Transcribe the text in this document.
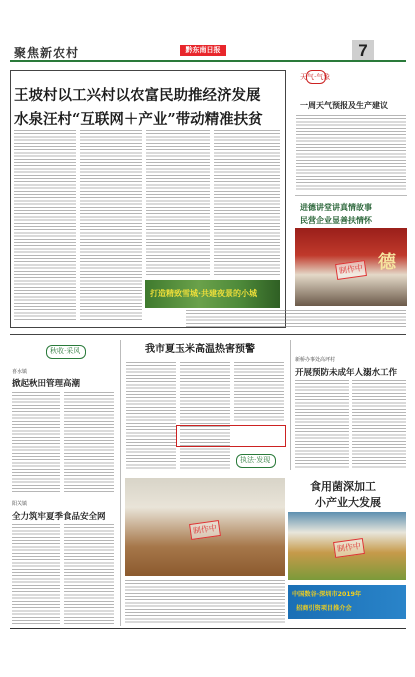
聚焦新农村	黔东南日报	7
王坡村以工兴村以农富民助推经济发展
水泉汪村“互联网＋产业”带动精准扶贫
打造精致雪城·共建夜景的小城
天气·气象
一周天气预报及生产建议
进德讲堂讲真情故事
民营企业显善扶情怀
德
制作中
秋收·采风	我市夏玉米高温热害预警
喜水镇
掀起秋田管理高潮
阳关镇
全力筑牢夏季食品安全网
执法·发现
新桥办事处高坪村
开展预防未成年人溺水工作
制作中
食用菌深加工
小产业大发展
制作中
中国数谷·深圳市2019年
招商引资项目推介会
